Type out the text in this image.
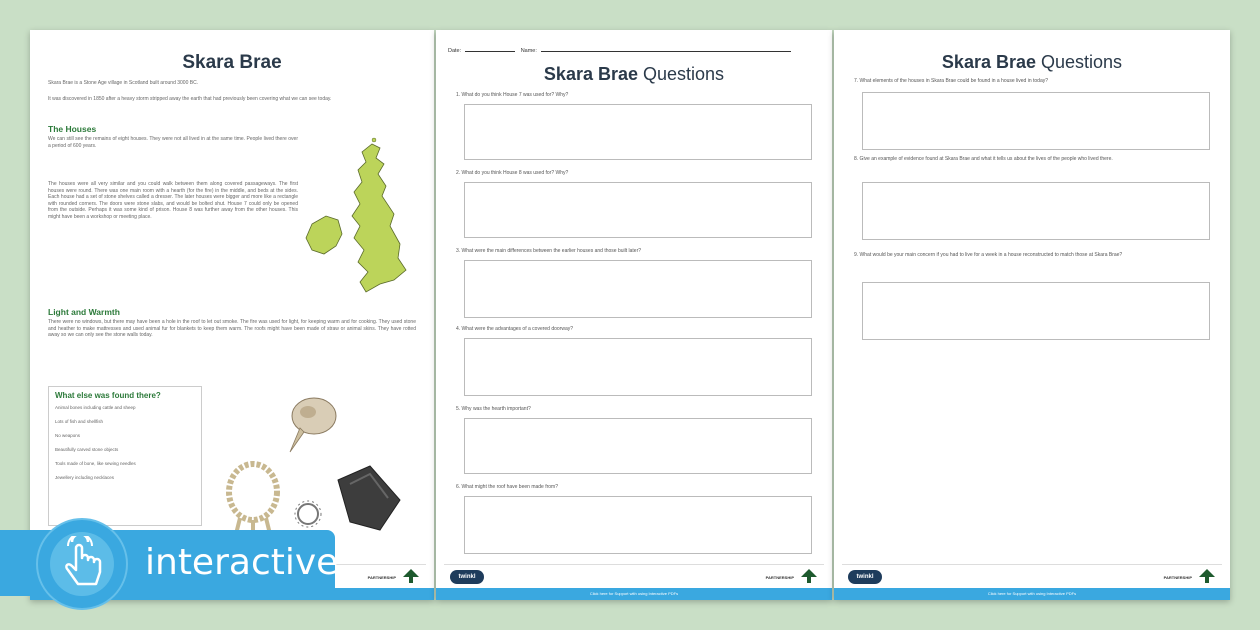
Skara Brae
Skara Brae is a Stone Age village in Scotland built around 3000 BC.
It was discovered in 1850 after a heavy storm stripped away the earth that had previously been covering what we can see today.
The Houses
We can still see the remains of eight houses. They were not all lived in at the same time. People lived there over a period of 600 years.
The houses were all very similar and you could walk between them along covered passageways. The first houses were round. There was one main room with a hearth (for the fire) in the middle, and beds at the sides. Each house had a set of stone shelves called a dresser. The later houses were bigger and more like a rectangle with rounded corners. The doors were stone slabs, and would be bolted shut. House 7 could only be opened from the outside. Perhaps it was some kind of prison. House 8 was further away from the other houses. This might have been a workshop or meeting place.
Light and Warmth
There were no windows, but there may have been a hole in the roof to let out smoke. The fire was used for light, for keeping warm and for cooking. They used stone and heather to make mattresses and used animal fur for blankets to keep them warm. The roofs might have been made of straw or animal skins. They have rotted away so we can only see the stone walls today.
What else was found there?
Animal bones including cattle and sheep
Lots of fish and shellfish
No weapons
Beautifully carved stone objects
Tools made of bone, like sewing needles
Jewellery including necklaces
PARTNERSHIP
Date:	Name:
Skara Brae Questions
1. What do you think House 7 was used for? Why?
2. What do you think House 8 was used for? Why?
3. What were the main differences between the earlier houses and those built later?
4. What were the advantages of a covered doorway?
5. Why was the hearth important?
6. What might the roof have been made from?
twinkl	PARTNERSHIP
Click here for Support with using Interactive PDFs
Skara Brae Questions
7. What elements of the houses in Skara Brae could be found in a house lived in today?
8. Give an example of evidence found at Skara Brae and what it tells us about the lives of the people who lived there.
9. What would be your main concern if you had to live for a week in a house reconstructed to match those at Skara Brae?
twinkl	PARTNERSHIP
Click here for Support with using Interactive PDFs
interactive
